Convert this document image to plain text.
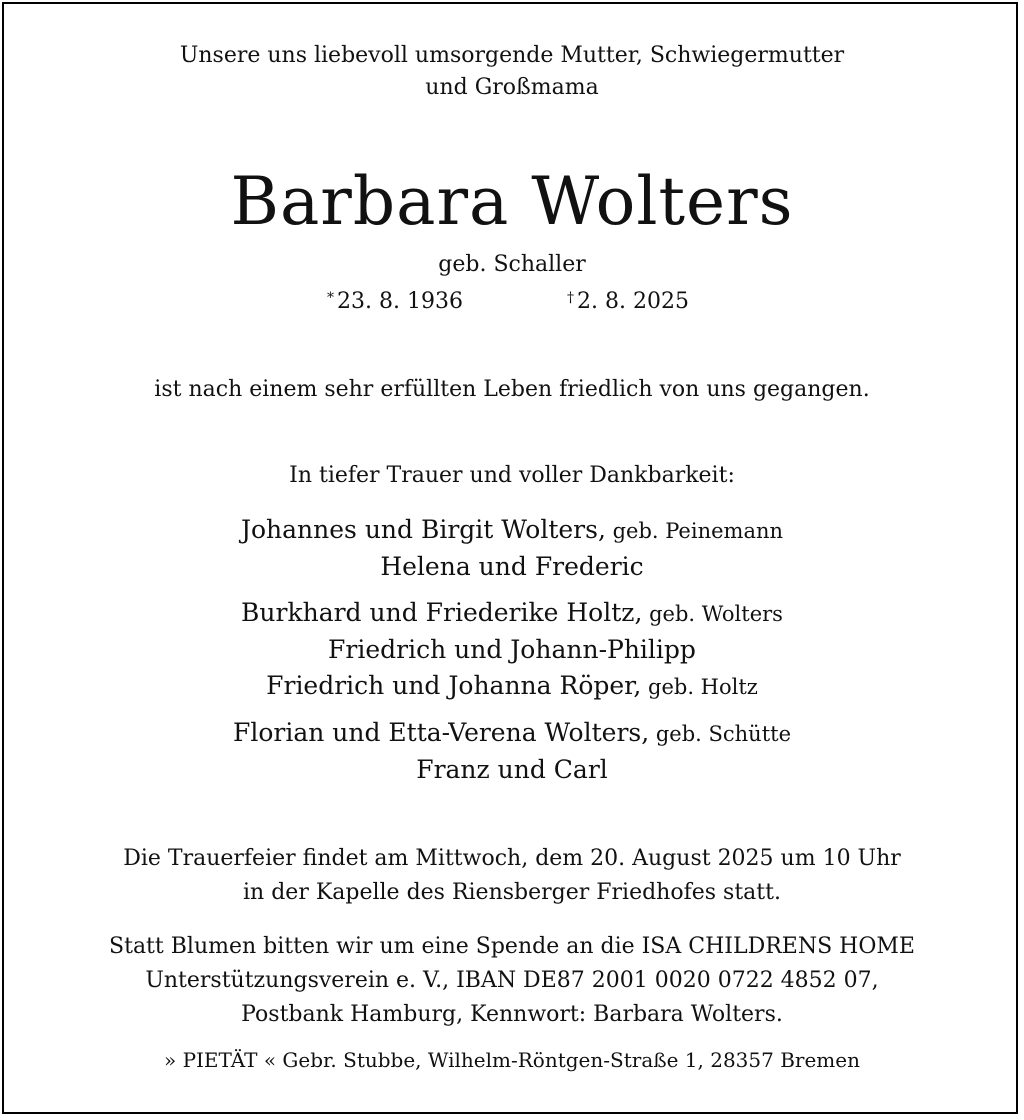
Unsere uns liebevoll umsorgende Mutter, Schwiegermutter
und Großmama
Barbara Wolters
geb. Schaller
* 23. 8. 1936	† 2. 8. 2025
ist nach einem sehr erfüllten Leben friedlich von uns gegangen.
In tiefer Trauer und voller Dankbarkeit:
Johannes und Birgit Wolters, geb. Peinemann
Helena und Frederic
Burkhard und Friederike Holtz, geb. Wolters
Friedrich und Johann-Philipp
Friedrich und Johanna Röper, geb. Holtz
Florian und Etta-Verena Wolters, geb. Schütte
Franz und Carl
Die Trauerfeier findet am Mittwoch, dem 20. August 2025 um 10 Uhr
in der Kapelle des Riensberger Friedhofes statt.
Statt Blumen bitten wir um eine Spende an die ISA CHILDRENS HOME
Unterstützungsverein e. V., IBAN DE87 2001 0020 0722 4852 07,
Postbank Hamburg, Kennwort: Barbara Wolters.
» PIETÄT « Gebr. Stubbe, Wilhelm-Röntgen-Straße 1, 28357 Bremen
